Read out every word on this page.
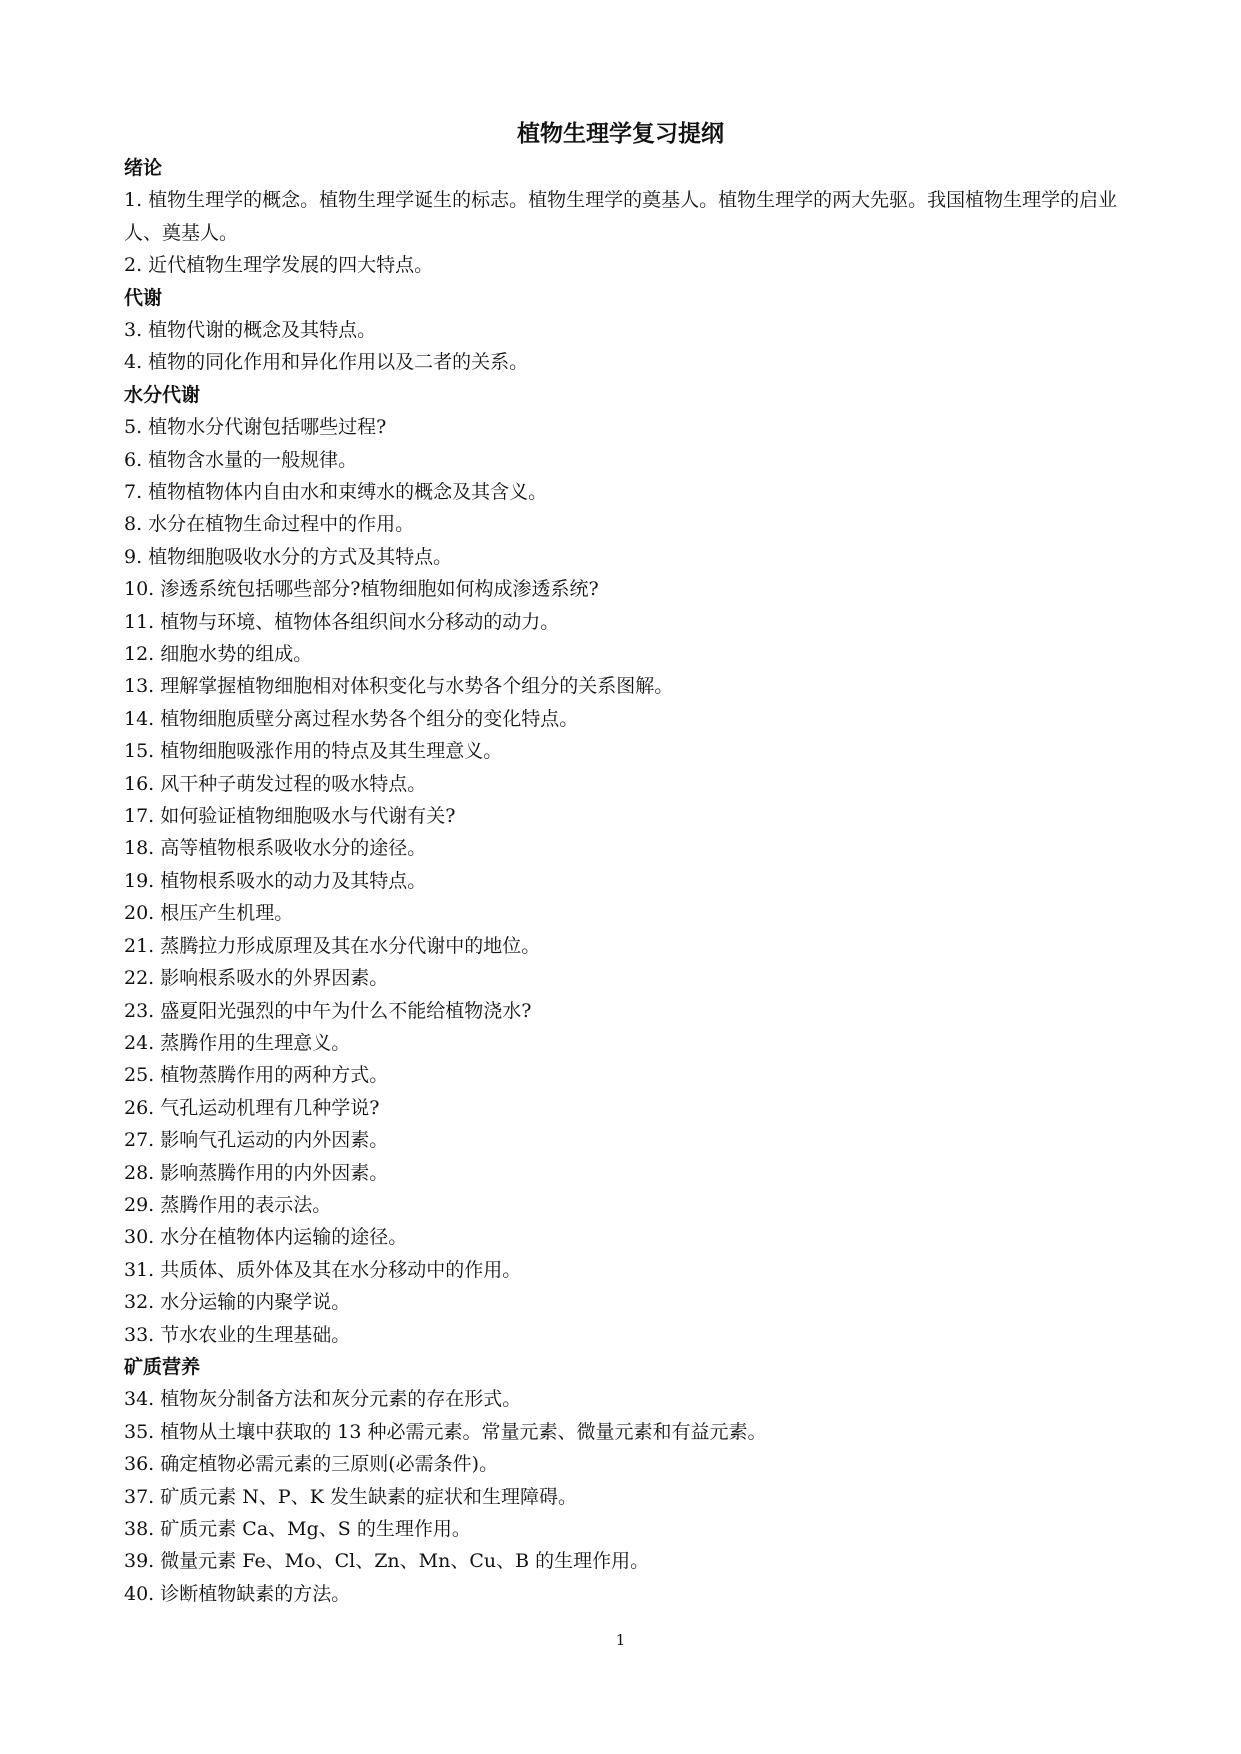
植物生理学复习提纲
绪论
1. 植物生理学的概念。植物生理学诞生的标志。植物生理学的奠基人。植物生理学的两大先驱。我国植物生理学的启业人、奠基人。
2. 近代植物生理学发展的四大特点。
代谢
3. 植物代谢的概念及其特点。
4. 植物的同化作用和异化作用以及二者的关系。
水分代谢
5. 植物水分代谢包括哪些过程?
6. 植物含水量的一般规律。
7. 植物植物体内自由水和束缚水的概念及其含义。
8. 水分在植物生命过程中的作用。
9. 植物细胞吸收水分的方式及其特点。
10. 渗透系统包括哪些部分?植物细胞如何构成渗透系统?
11. 植物与环境、植物体各组织间水分移动的动力。
12. 细胞水势的组成。
13. 理解掌握植物细胞相对体积变化与水势各个组分的关系图解。
14. 植物细胞质壁分离过程水势各个组分的变化特点。
15. 植物细胞吸涨作用的特点及其生理意义。
16. 风干种子萌发过程的吸水特点。
17. 如何验证植物细胞吸水与代谢有关?
18. 高等植物根系吸收水分的途径。
19. 植物根系吸水的动力及其特点。
20. 根压产生机理。
21. 蒸腾拉力形成原理及其在水分代谢中的地位。
22. 影响根系吸水的外界因素。
23. 盛夏阳光强烈的中午为什么不能给植物浇水?
24. 蒸腾作用的生理意义。
25. 植物蒸腾作用的两种方式。
26. 气孔运动机理有几种学说?
27. 影响气孔运动的内外因素。
28. 影响蒸腾作用的内外因素。
29. 蒸腾作用的表示法。
30. 水分在植物体内运输的途径。
31. 共质体、质外体及其在水分移动中的作用。
32. 水分运输的内聚学说。
33. 节水农业的生理基础。
矿质营养
34. 植物灰分制备方法和灰分元素的存在形式。
35. 植物从土壤中获取的 13 种必需元素。常量元素、微量元素和有益元素。
36. 确定植物必需元素的三原则(必需条件)。
37. 矿质元素 N、P、K 发生缺素的症状和生理障碍。
38. 矿质元素 Ca、Mg、S 的生理作用。
39. 微量元素 Fe、Mo、Cl、Zn、Mn、Cu、B 的生理作用。
40. 诊断植物缺素的方法。
1
